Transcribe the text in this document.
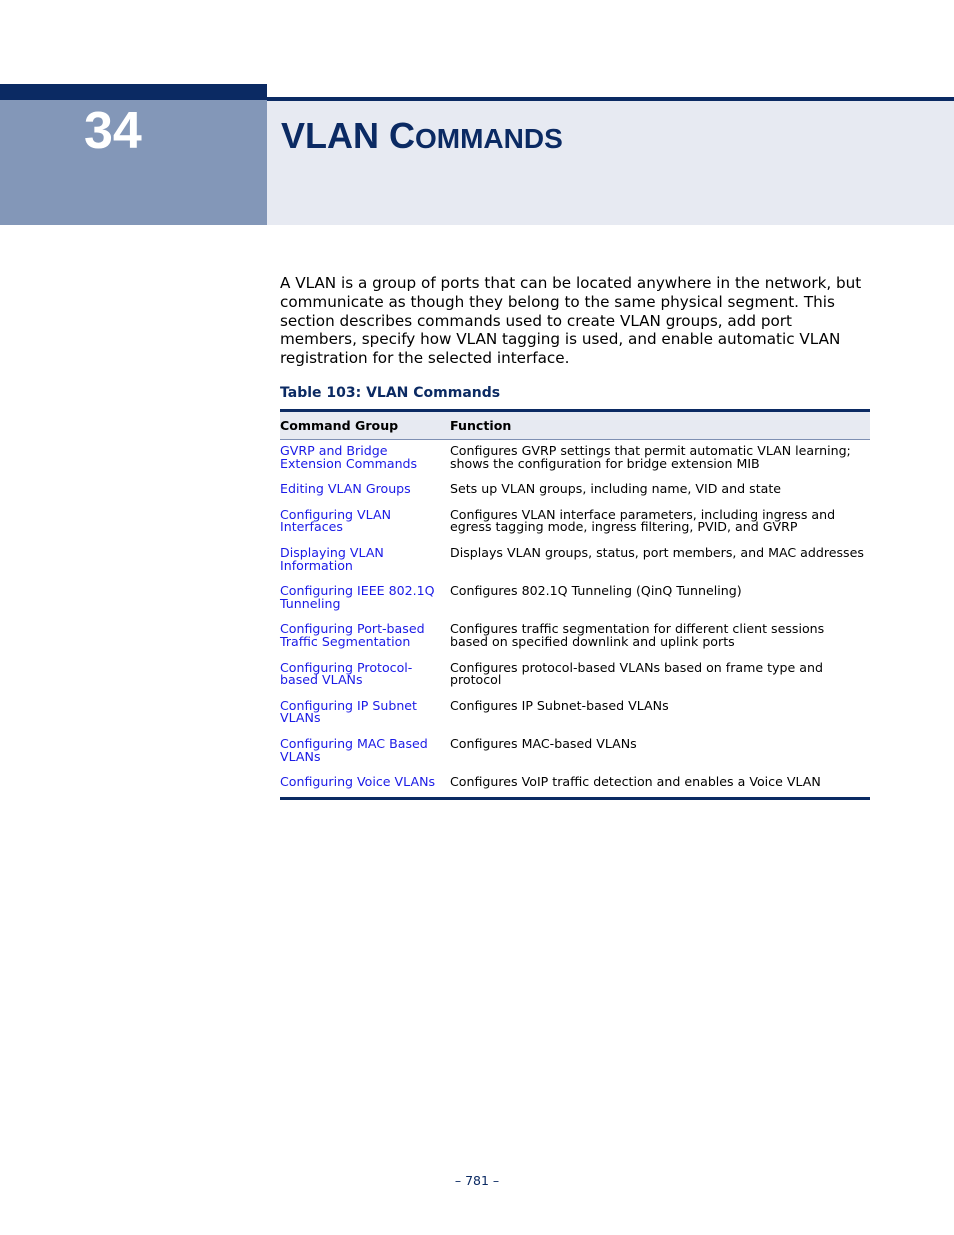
34	VLAN COMMANDS

A VLAN is a group of ports that can be located anywhere in the network, but communicate as though they belong to the same physical segment. This section describes commands used to create VLAN groups, add port members, specify how VLAN tagging is used, and enable automatic VLAN registration for the selected interface.

Table 103: VLAN Commands
Command Group	Function
GVRP and Bridge Extension Commands	Configures GVRP settings that permit automatic VLAN learning; shows the configuration for bridge extension MIB
Editing VLAN Groups	Sets up VLAN groups, including name, VID and state
Configuring VLAN Interfaces	Configures VLAN interface parameters, including ingress and egress tagging mode, ingress filtering, PVID, and GVRP
Displaying VLAN Information	Displays VLAN groups, status, port members, and MAC addresses
Configuring IEEE 802.1Q Tunneling	Configures 802.1Q Tunneling (QinQ Tunneling)
Configuring Port-based Traffic Segmentation	Configures traffic segmentation for different client sessions based on specified downlink and uplink ports
Configuring Protocol-based VLANs	Configures protocol-based VLANs based on frame type and protocol
Configuring IP Subnet VLANs	Configures IP Subnet-based VLANs
Configuring MAC Based VLANs	Configures MAC-based VLANs
Configuring Voice VLANs	Configures VoIP traffic detection and enables a Voice VLAN
– 781 –
